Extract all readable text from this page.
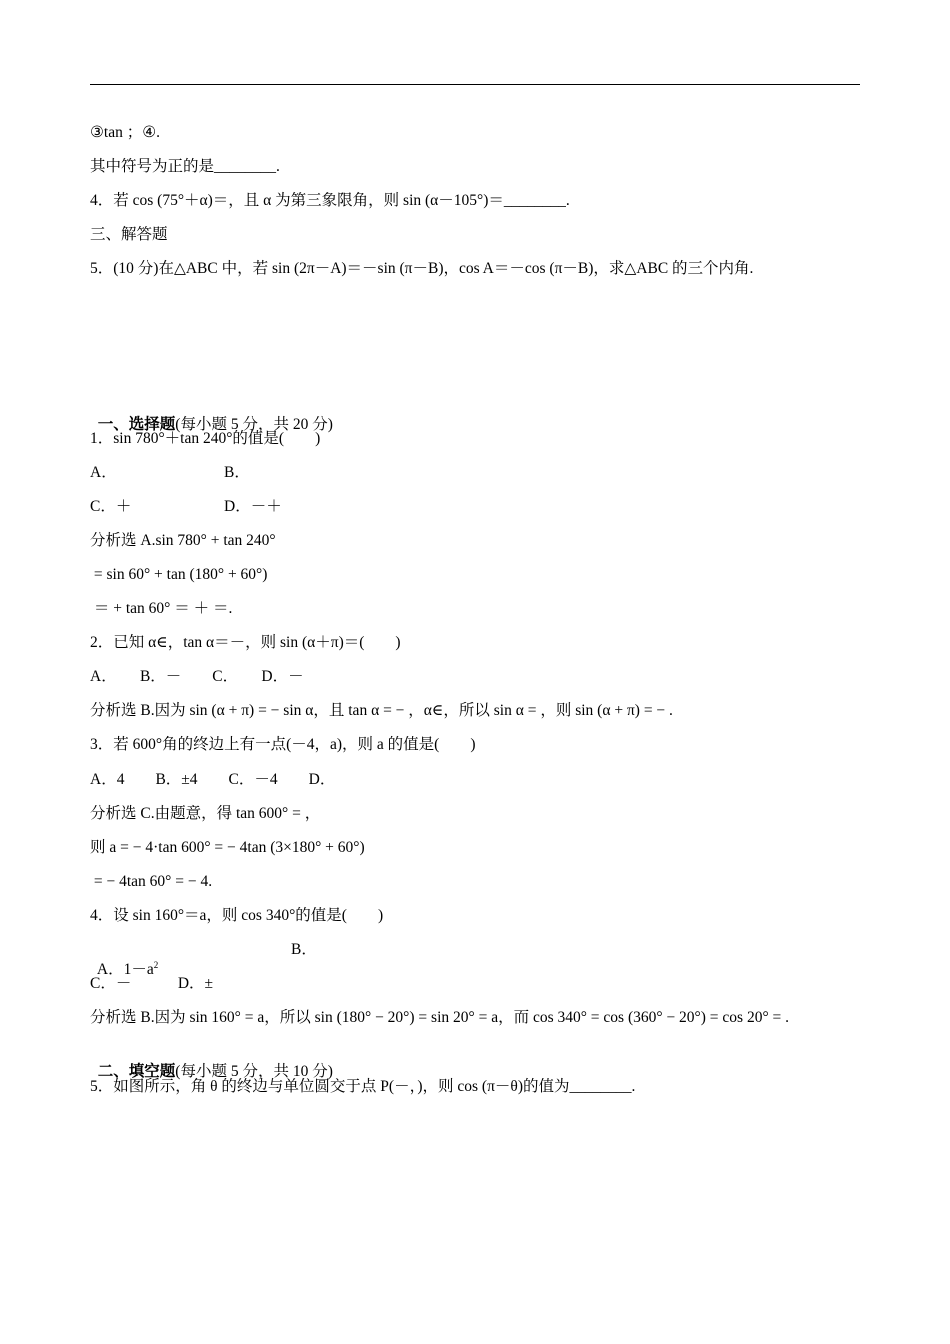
③tan ；④.
其中符号为正的是________.
4．若 cos (75°＋α)＝，且 α 为第三象限角，则 sin (α－105°)＝________.
三、解答题
5．(10 分)在△ABC 中，若 sin (2π－A)＝－sin (π－B)，cos A＝－cos (π－B)，求△ABC 的三个内角.

一、选择题(每小题 5 分，共 20 分)

1．sin 780°＋tan 240°的值是(　　)
A．	B．
C．＋	D．－＋
分析选 A.sin 780° + tan 240°
= sin 60° + tan (180° + 60°)
＝ + tan 60° ＝ ＋ ＝.
2．已知 α∈，tan α＝－，则 sin (α＋π)＝(　　)
A．　　B．－　　C．　　D．－
分析选 B.因为 sin (α + π) = − sin α，且 tan α = − ，α∈，所以 sin α = ，则 sin (α + π) = − .
3．若 600°角的终边上有一点(－4，a)，则 a 的值是(　　)
A．4　　B．±4　　C．－4　　D．
分析选 C.由题意，得 tan 600° = ，
则 a = − 4·tan 600° = − 4tan (3×180° + 60°)
= − 4tan 60° = − 4.
4．设 sin 160°＝a，则 cos 340°的值是(　　)

A．$1-a^2$

B．
C．－　　　D．±
分析选 B.因为 sin 160° = a，所以 sin (180° − 20°) = sin 20° = a，而 cos 340° = cos (360° − 20°) = cos 20° = .

二、填空题(每小题 5 分，共 10 分)

5．如图所示，角 θ 的终边与单位圆交于点 P(－，)，则 cos (π－θ)的值为________.
